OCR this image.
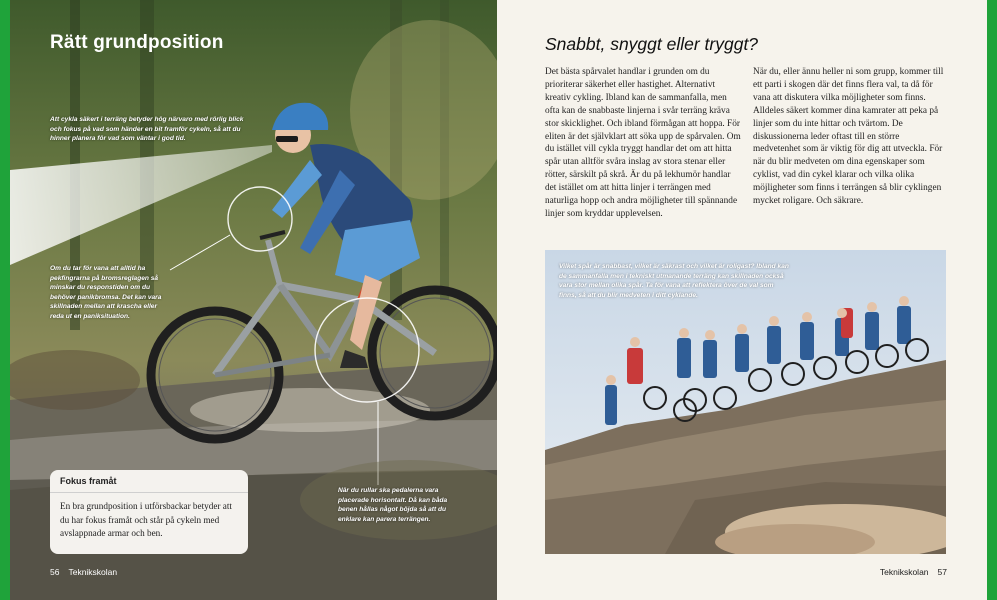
Rätt grundposition
Att cykla säkert i terräng betyder hög närvaro med rörlig blick och fokus på vad som händer en bit framför cykeln, så att du hinner planera för vad som väntar i god tid.
Om du tar för vana att alltid ha pekfingrarna på bromsreglagen så minskar du responstiden om du behöver panikbromsa. Det kan vara skillnaden mellan att krascha eller reda ut en paniksituation.
När du rullar ska pedalerna vara placerade horisontalt. Då kan båda benen hållas något böjda så att du enklare kan parera terrängen.
Fokus framåt
En bra grundposition i utförsbackar betyder att du har fokus framåt och står på cykeln med avslappnade armar och ben.
56 Teknikskolan
Snabbt, snyggt eller tryggt?

Det bästa spårvalet handlar i grunden om du prioriterar säkerhet eller hastighet. Alternativt kreativ cykling. Ibland kan de sammanfalla, men ofta kan de snabbaste linjerna i svår terräng kräva stor skicklighet. Och ibland förmågan att hoppa. För eliten är det självklart att söka upp de spårvalen. Om du istället vill cykla tryggt handlar det om att hitta spår utan alltför svåra inslag av stora stenar eller rötter, särskilt på skrå. Är du på lekhumör handlar det istället om att hitta linjer i terrängen med naturliga hopp och andra möjligheter till spännande linjer som kryddar upplevelsen.

När du, eller ännu heller ni som grupp, kommer till ett parti i skogen där det finns flera val, ta då för vana att diskutera vilka möjligheter som finns. Alldeles säkert kommer dina kamrater att peka på linjer som du inte hittar och tvärtom. De diskussionerna leder oftast till en större medvetenhet som är viktig för dig att utveckla. För när du blir medveten om dina egenskaper som cyklist, vad din cykel klarar och vilka olika möjligheter som finns i terrängen så blir cyklingen mycket roligare. Och säkrare.

Vilket spår är snabbast, vilket är säkrast och vilket är roligast? Ibland kan de sammanfalla men i tekniskt utmanande terräng kan skillnaden också vara stor mellan olika spår. Ta för vana att reflektera över de val som finns, så att du blir medveten i ditt cyklande.
Teknikskolan 57
